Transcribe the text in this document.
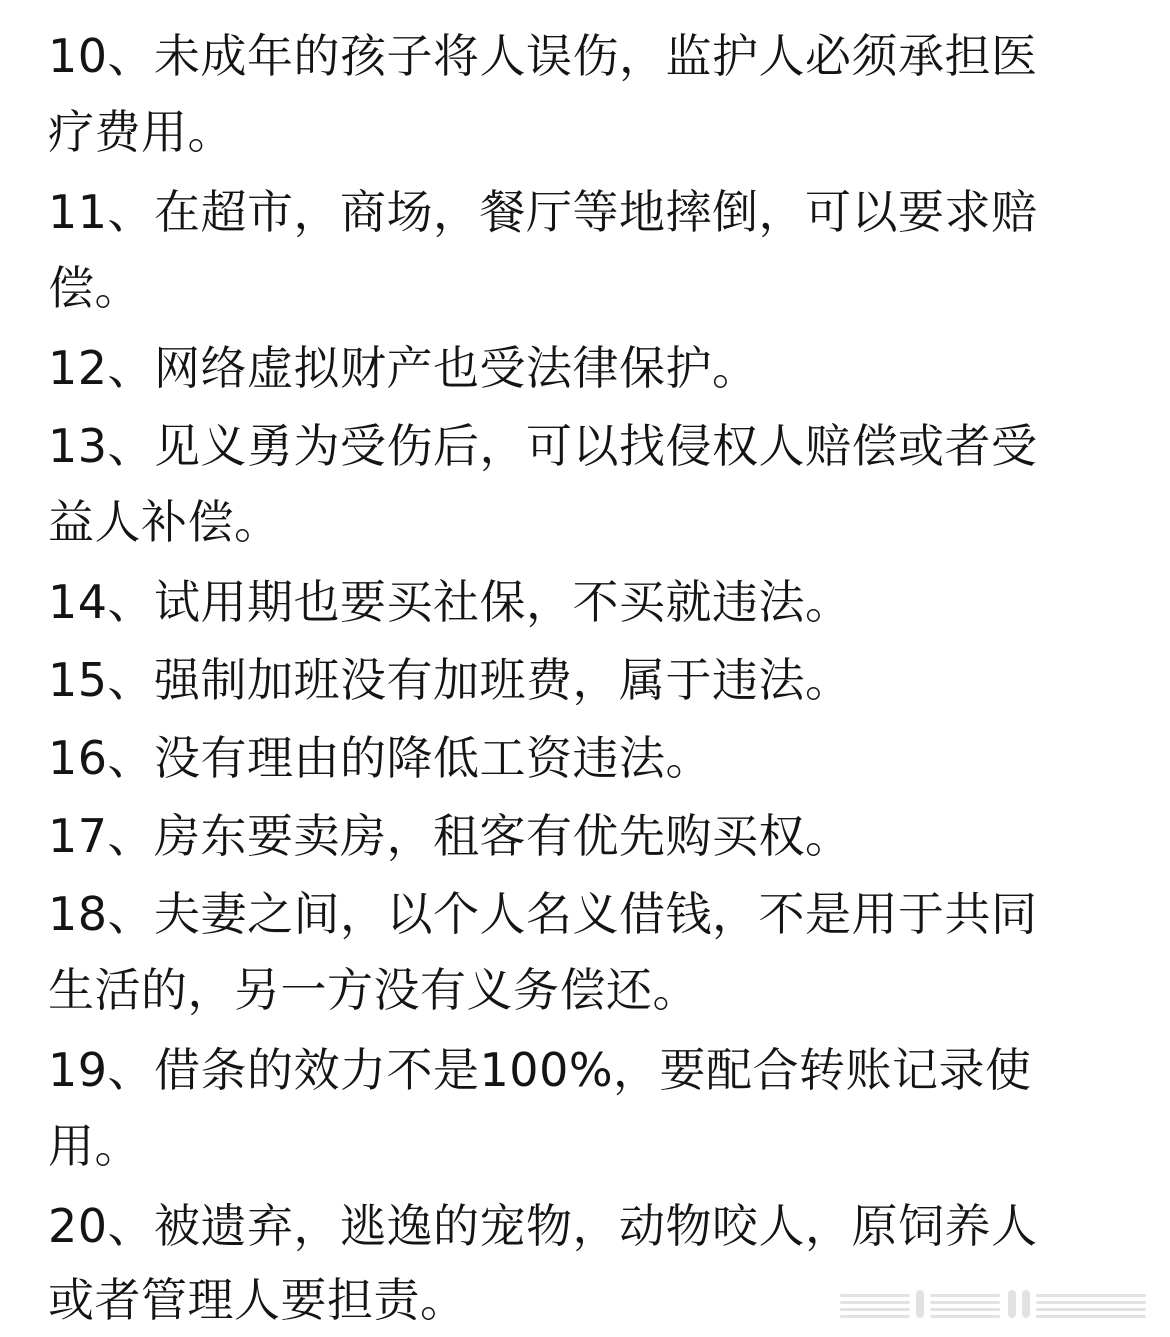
10、未成年的孩子将人误伤，监护人必须承担医

疗费用。

11、在超市，商场，餐厅等地摔倒，可以要求赔

偿。

12、网络虚拟财产也受法律保护。

13、见义勇为受伤后，可以找侵权人赔偿或者受

益人补偿。

14、试用期也要买社保，不买就违法。

15、强制加班没有加班费，属于违法。

16、没有理由的降低工资违法。

17、房东要卖房，租客有优先购买权。

18、夫妻之间，以个人名义借钱，不是用于共同

生活的，另一方没有义务偿还。

19、借条的效力不是100%，要配合转账记录使

用。

20、被遗弃，逃逸的宠物，动物咬人，原饲养人

或者管理人要担责。
